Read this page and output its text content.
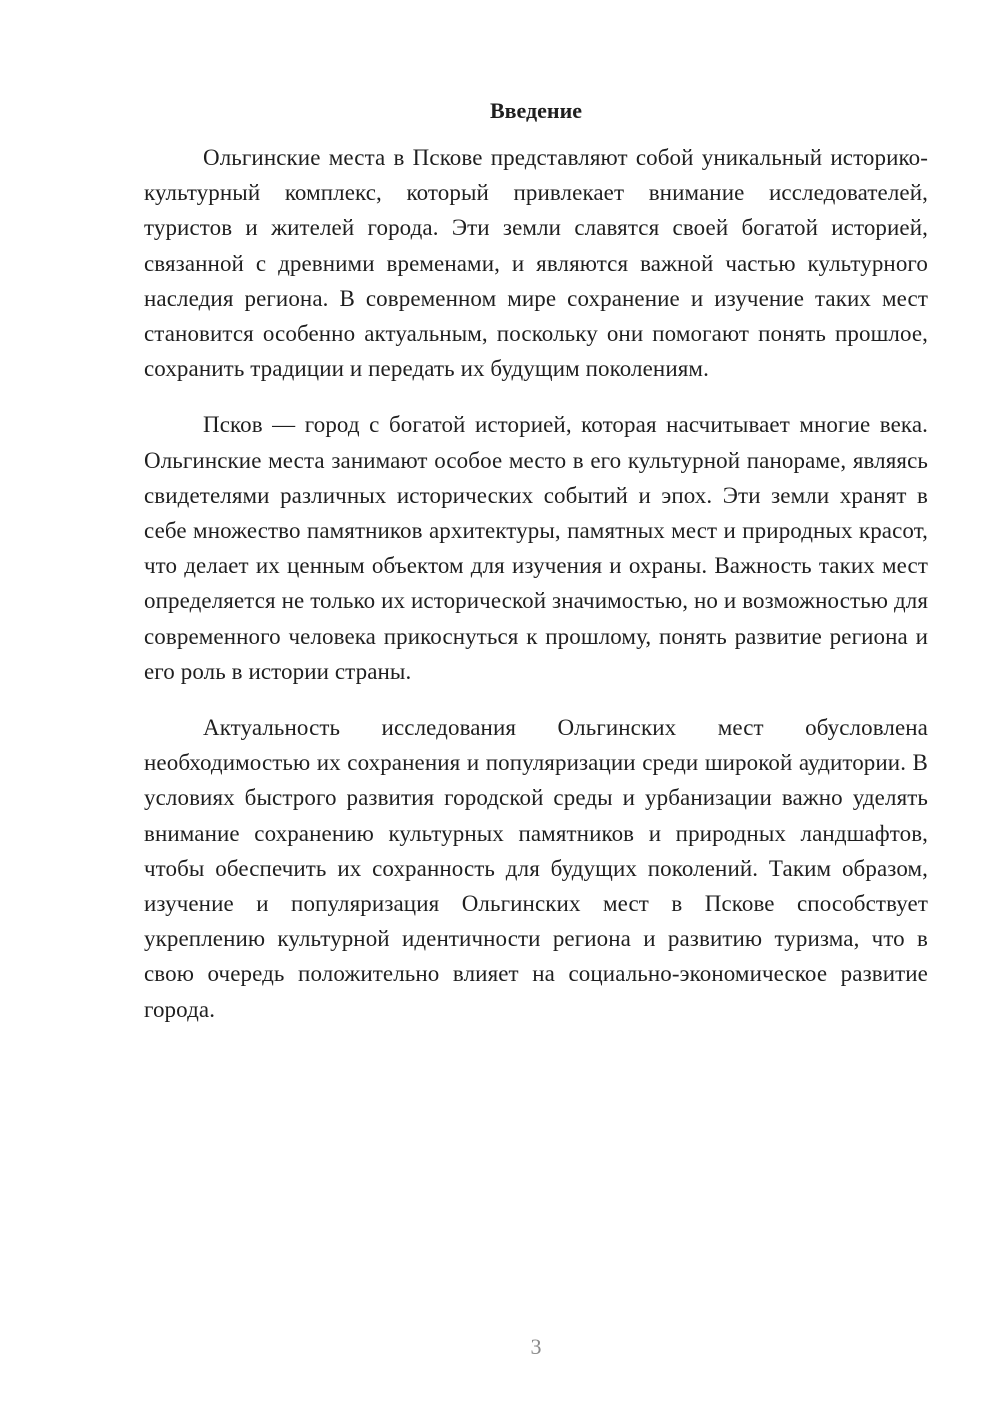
Введение

Ольгинские места в Пскове представляют собой уникальный историко-культурный комплекс, который привлекает внимание исследователей, туристов и жителей города. Эти земли славятся своей богатой историей, связанной с древними временами, и являются важной частью культурного наследия региона. В современном мире сохранение и изучение таких мест становится особенно актуальным, поскольку они помогают понять прошлое, сохранить традиции и передать их будущим поколениям.

Псков — город с богатой историей, которая насчитывает многие века. Ольгинские места занимают особое место в его культурной панораме, являясь свидетелями различных исторических событий и эпох. Эти земли хранят в себе множество памятников архитектуры, памятных мест и природных красот, что делает их ценным объектом для изучения и охраны. Важность таких мест определяется не только их исторической значимостью, но и возможностью для современного человека прикоснуться к прошлому, понять развитие региона и его роль в истории страны.

Актуальность исследования Ольгинских мест обусловлена необходимостью их сохранения и популяризации среди широкой аудитории. В условиях быстрого развития городской среды и урбанизации важно уделять внимание сохранению культурных памятников и природных ландшафтов, чтобы обеспечить их сохранность для будущих поколений. Таким образом, изучение и популяризация Ольгинских мест в Пскове способствует укреплению культурной идентичности региона и развитию туризма, что в свою очередь положительно влияет на социально-экономическое развитие города.

3
